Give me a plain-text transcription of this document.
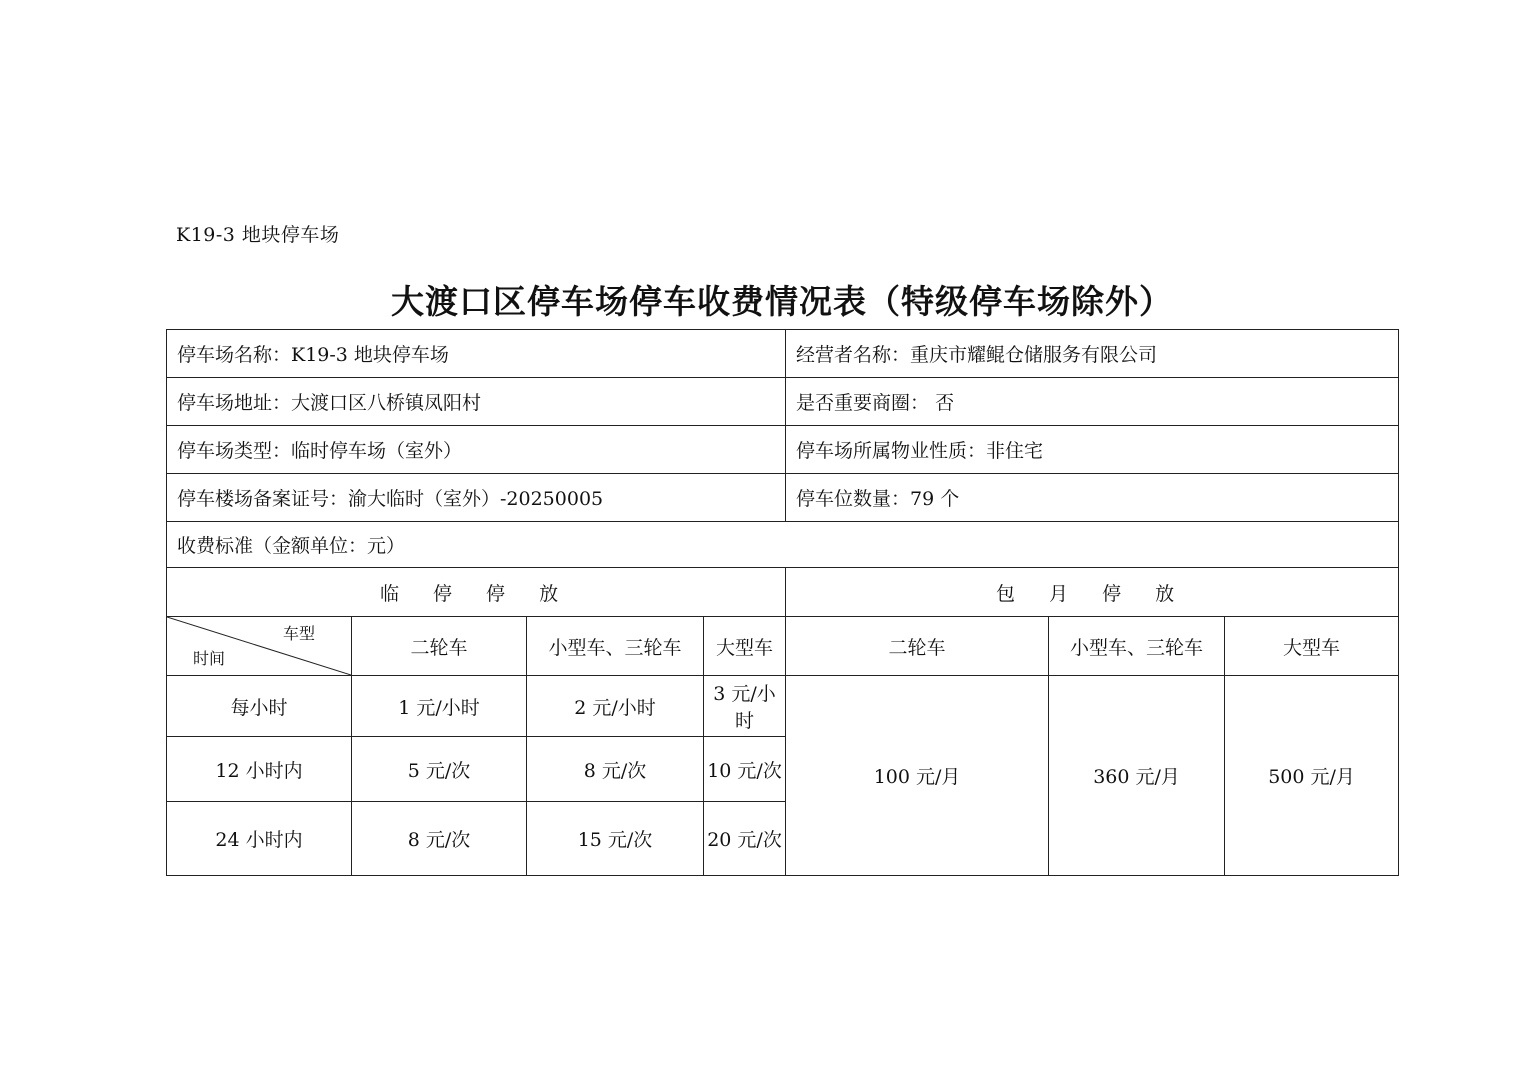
K19-3 地块停车场
大渡口区停车场停车收费情况表（特级停车场除外）
停车场名称：K19-3 地块停车场				经营者名称：重庆市耀鲲仓储服务有限公司		
停车场地址：大渡口区八桥镇凤阳村				是否重要商圈： 否		
停车场类型：临时停车场（室外）				停车场所属物业性质：非住宅		
停车楼场备案证号：渝大临时（室外）-20250005				停车位数量：79 个		
收费标准（金额单位：元）						
临 停 停 放				包 月 停 放		

车型
时间	二轮车	小型车、三轮车	大型车	二轮车	小型车、三轮车	大型车
每小时	1 元/小时	2 元/小时	3 元/小时	100 元/月	360 元/月	500 元/月
12 小时内	5 元/次	8 元/次	10 元/次			
24 小时内	8 元/次	15 元/次	20 元/次			
